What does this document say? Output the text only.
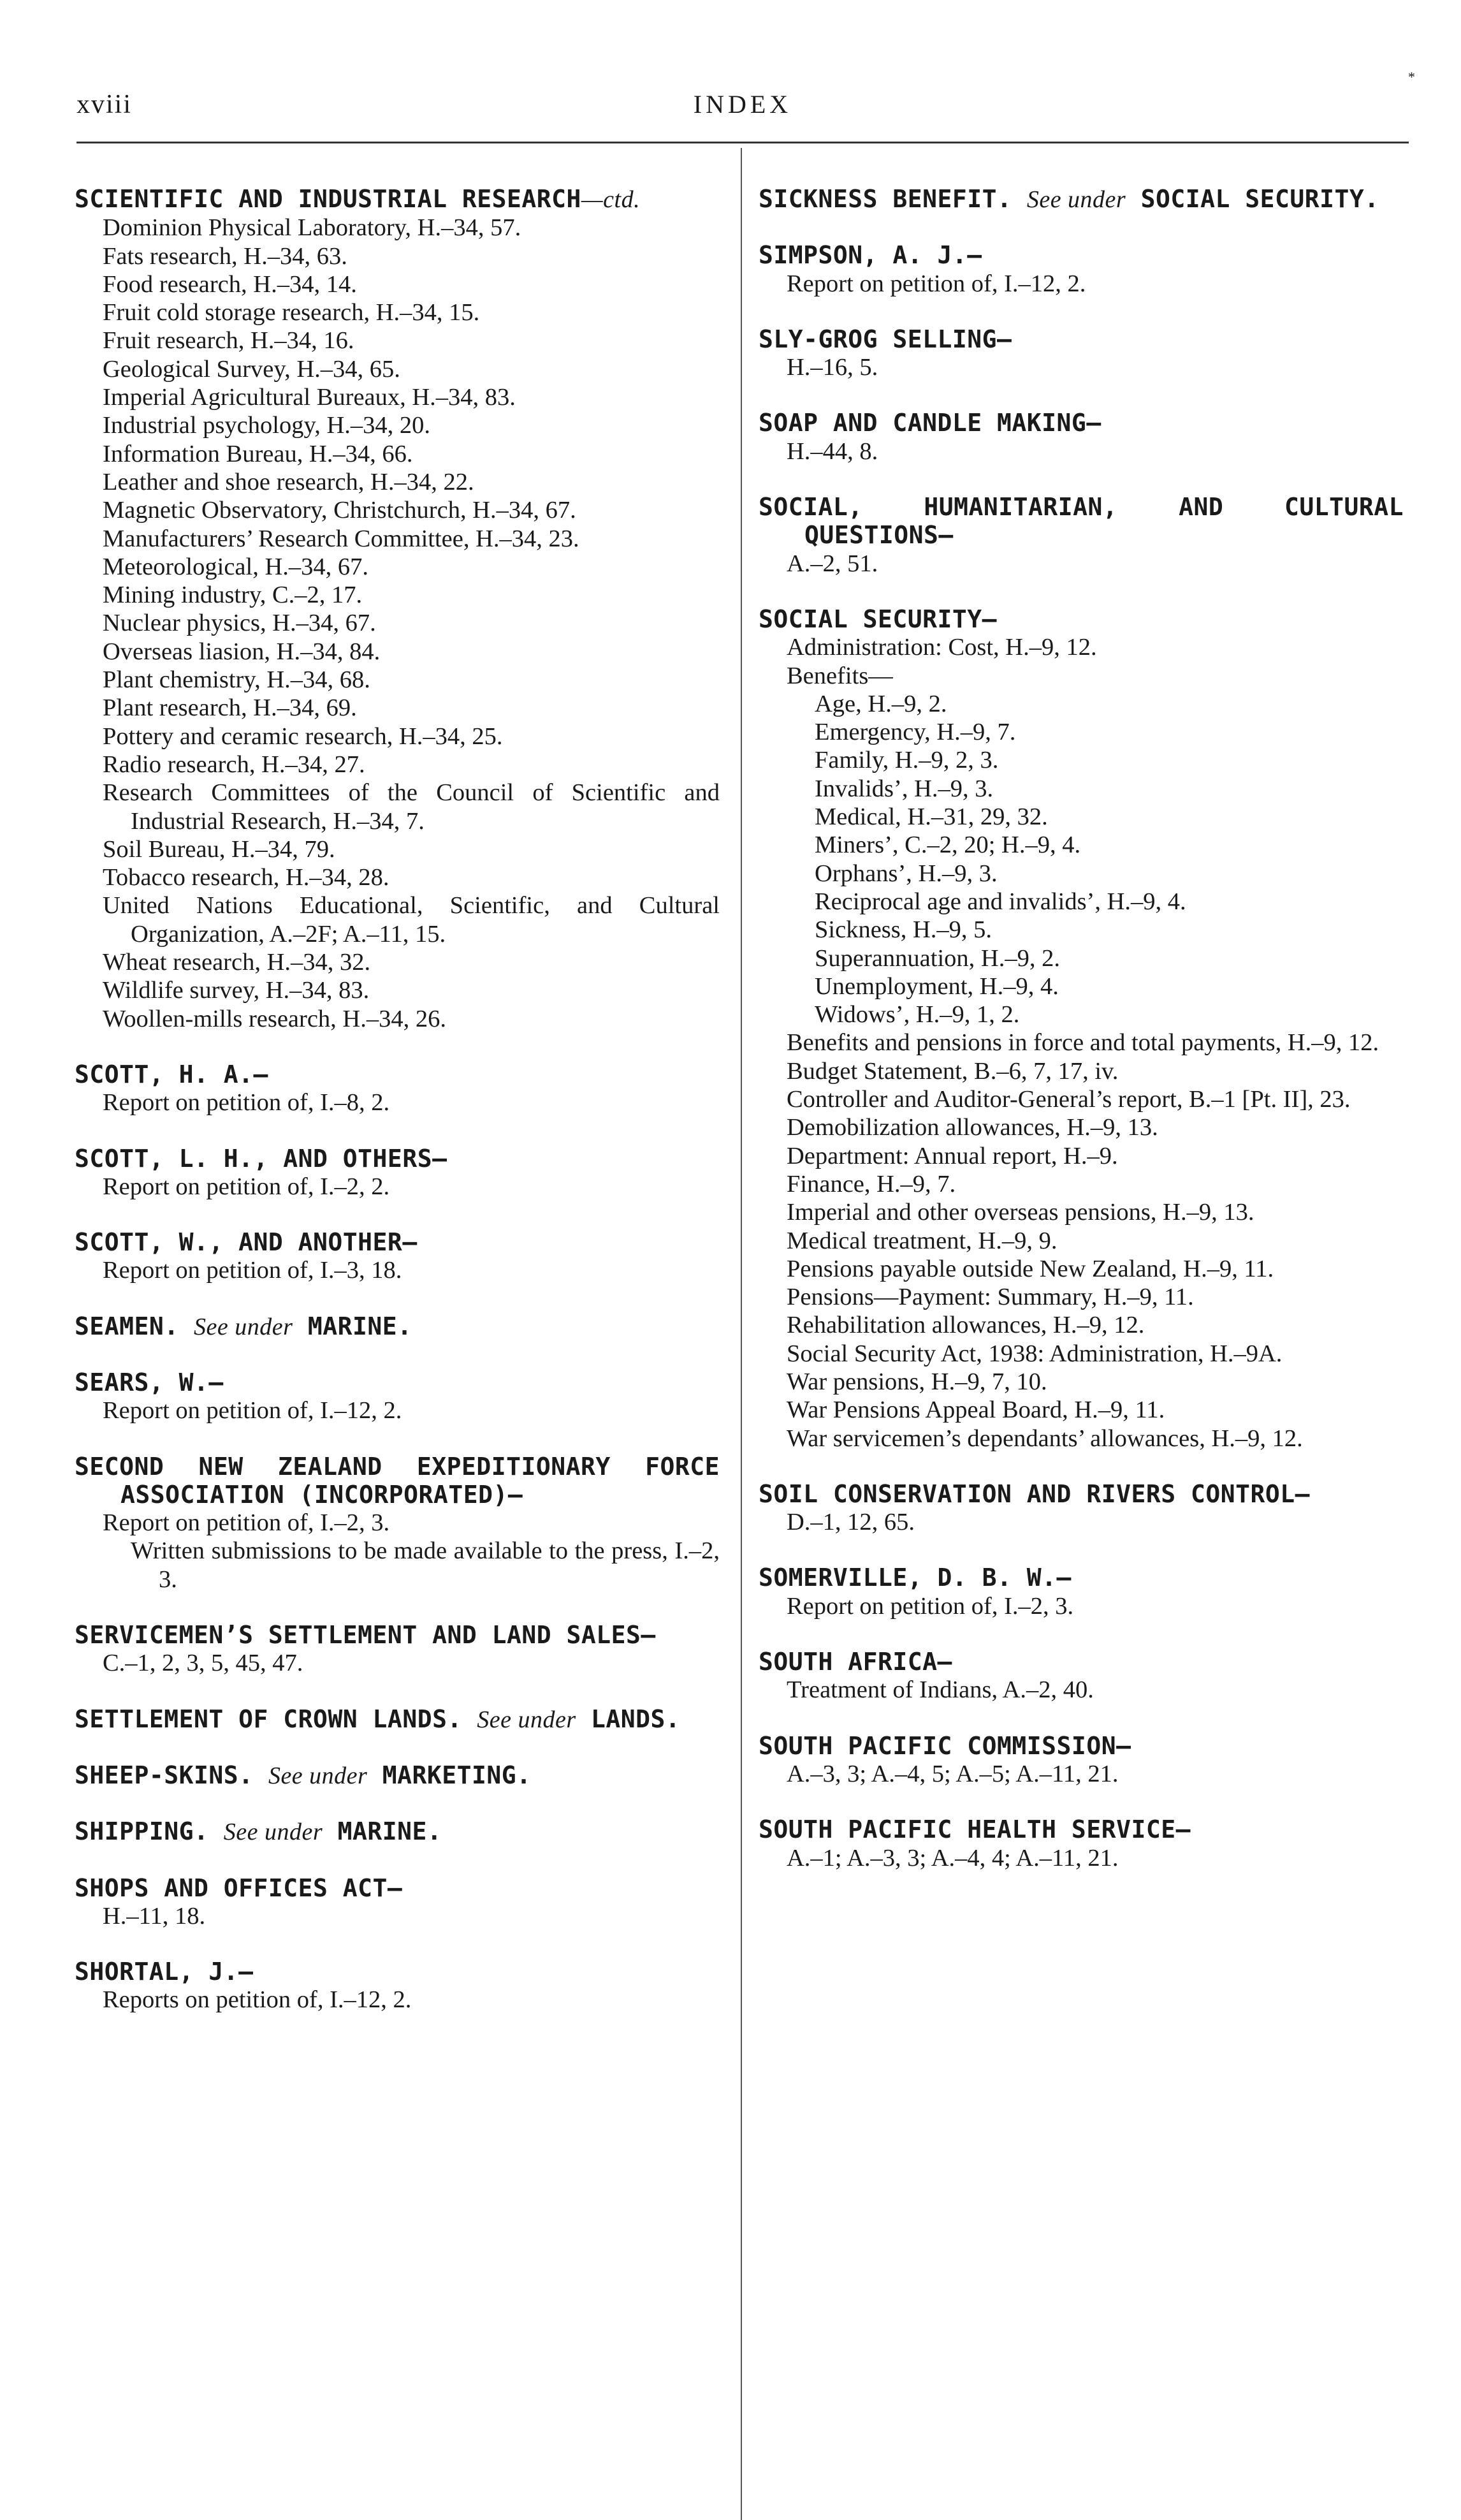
xviii	INDEX
*
SCIENTIFIC AND INDUSTRIAL RESEARCH—ctd.
Dominion Physical Laboratory, H.–34, 57.
Fats research, H.–34, 63.
Food research, H.–34, 14.
Fruit cold storage research, H.–34, 15.
Fruit research, H.–34, 16.
Geological Survey, H.–34, 65.
Imperial Agricultural Bureaux, H.–34, 83.
Industrial psychology, H.–34, 20.
Information Bureau, H.–34, 66.
Leather and shoe research, H.–34, 22.
Magnetic Observatory, Christchurch, H.–34, 67.
Manufacturers’ Research Committee, H.–34, 23.
Meteorological, H.–34, 67.
Mining industry, C.–2, 17.
Nuclear physics, H.–34, 67.
Overseas liasion, H.–34, 84.
Plant chemistry, H.–34, 68.
Plant research, H.–34, 69.
Pottery and ceramic research, H.–34, 25.
Radio research, H.–34, 27.
Research Committees of the Council of Scientific and Industrial Research, H.–34, 7.
Soil Bureau, H.–34, 79.
Tobacco research, H.–34, 28.
United Nations Educational, Scientific, and Cultural Organization, A.–2F; A.–11, 15.
Wheat research, H.–34, 32.
Wildlife survey, H.–34, 83.
Woollen-mills research, H.–34, 26.
SCOTT, H. A.—
Report on petition of, I.–8, 2.
SCOTT, L. H., AND OTHERS—
Report on petition of, I.–2, 2.
SCOTT, W., AND ANOTHER—
Report on petition of, I.–3, 18.
SEAMEN. See under MARINE.
SEARS, W.—
Report on petition of, I.–12, 2.
SECOND NEW ZEALAND EXPEDITIONARY FORCE ASSOCIATION (INCORPORATED)—
Report on petition of, I.–2, 3.
Written submissions to be made available to the press, I.–2, 3.
SERVICEMEN’S SETTLEMENT AND LAND SALES—
C.–1, 2, 3, 5, 45, 47.
SETTLEMENT OF CROWN LANDS. See under LANDS.
SHEEP-SKINS. See under MARKETING.
SHIPPING. See under MARINE.
SHOPS AND OFFICES ACT—
H.–11, 18.
SHORTAL, J.—
Reports on petition of, I.–12, 2.
SICKNESS BENEFIT. See under SOCIAL SECURITY.
SIMPSON, A. J.—
Report on petition of, I.–12, 2.
SLY-GROG SELLING—
H.–16, 5.
SOAP AND CANDLE MAKING—
H.–44, 8.
SOCIAL, HUMANITARIAN, AND CULTURAL QUESTIONS—
A.–2, 51.
SOCIAL SECURITY—
Administration: Cost, H.–9, 12.
Benefits—
Age, H.–9, 2.
Emergency, H.–9, 7.
Family, H.–9, 2, 3.
Invalids’, H.–9, 3.
Medical, H.–31, 29, 32.
Miners’, C.–2, 20; H.–9, 4.
Orphans’, H.–9, 3.
Reciprocal age and invalids’, H.–9, 4.
Sickness, H.–9, 5.
Superannuation, H.–9, 2.
Unemployment, H.–9, 4.
Widows’, H.–9, 1, 2.
Benefits and pensions in force and total payments, H.–9, 12.
Budget Statement, B.–6, 7, 17, iv.
Controller and Auditor-General’s report, B.–1 [Pt. II], 23.
Demobilization allowances, H.–9, 13.
Department: Annual report, H.–9.
Finance, H.–9, 7.
Imperial and other overseas pensions, H.–9, 13.
Medical treatment, H.–9, 9.
Pensions payable outside New Zealand, H.–9, 11.
Pensions—Payment: Summary, H.–9, 11.
Rehabilitation allowances, H.–9, 12.
Social Security Act, 1938: Administration, H.–9A.
War pensions, H.–9, 7, 10.
War Pensions Appeal Board, H.–9, 11.
War servicemen’s dependants’ allowances, H.–9, 12.
SOIL CONSERVATION AND RIVERS CONTROL—
D.–1, 12, 65.
SOMERVILLE, D. B. W.—
Report on petition of, I.–2, 3.
SOUTH AFRICA—
Treatment of Indians, A.–2, 40.
SOUTH PACIFIC COMMISSION—
A.–3, 3; A.–4, 5; A.–5; A.–11, 21.
SOUTH PACIFIC HEALTH SERVICE—
A.–1; A.–3, 3; A.–4, 4; A.–11, 21.
